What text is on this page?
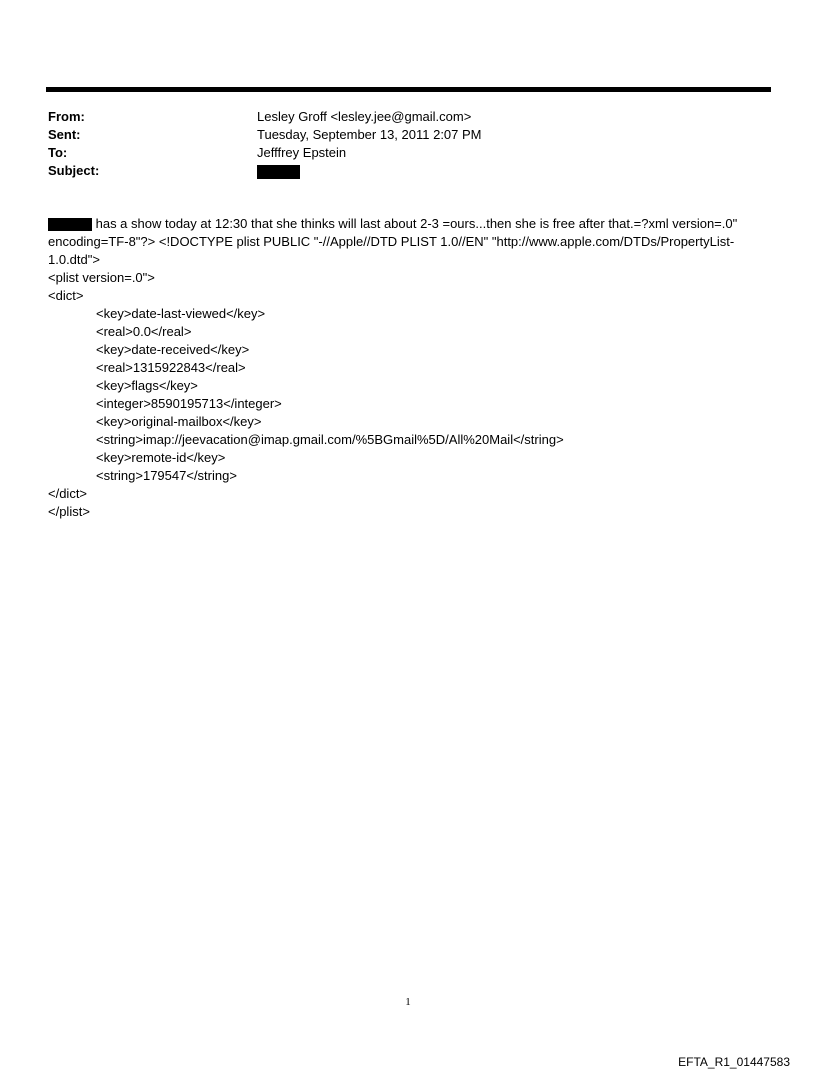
From:	Lesley Groff <lesley.jee@gmail.com>
Sent:	Tuesday, September 13, 2011 2:07 PM
To:	Jefffrey Epstein
Subject:

has a show today at 12:30 that she thinks will last about 2-3 =ours...then she is free after that.=?xml version=.0" encoding=TF-8"?> <!DOCTYPE plist PUBLIC "-//Apple//DTD PLIST 1.0//EN" "http://www.apple.com/DTDs/PropertyList-1.0.dtd">

<plist version=.0">
<dict>
<key>date-last-viewed</key>
<real>0.0</real>
<key>date-received</key>
<real>1315922843</real>
<key>flags</key>
<integer>8590195713</integer>
<key>original-mailbox</key>
<string>imap://jeevacation@imap.gmail.com/%5BGmail%5D/All%20Mail</string>
<key>remote-id</key>
<string>179547</string>
</dict>
</plist>
1
EFTA_R1_01447583
